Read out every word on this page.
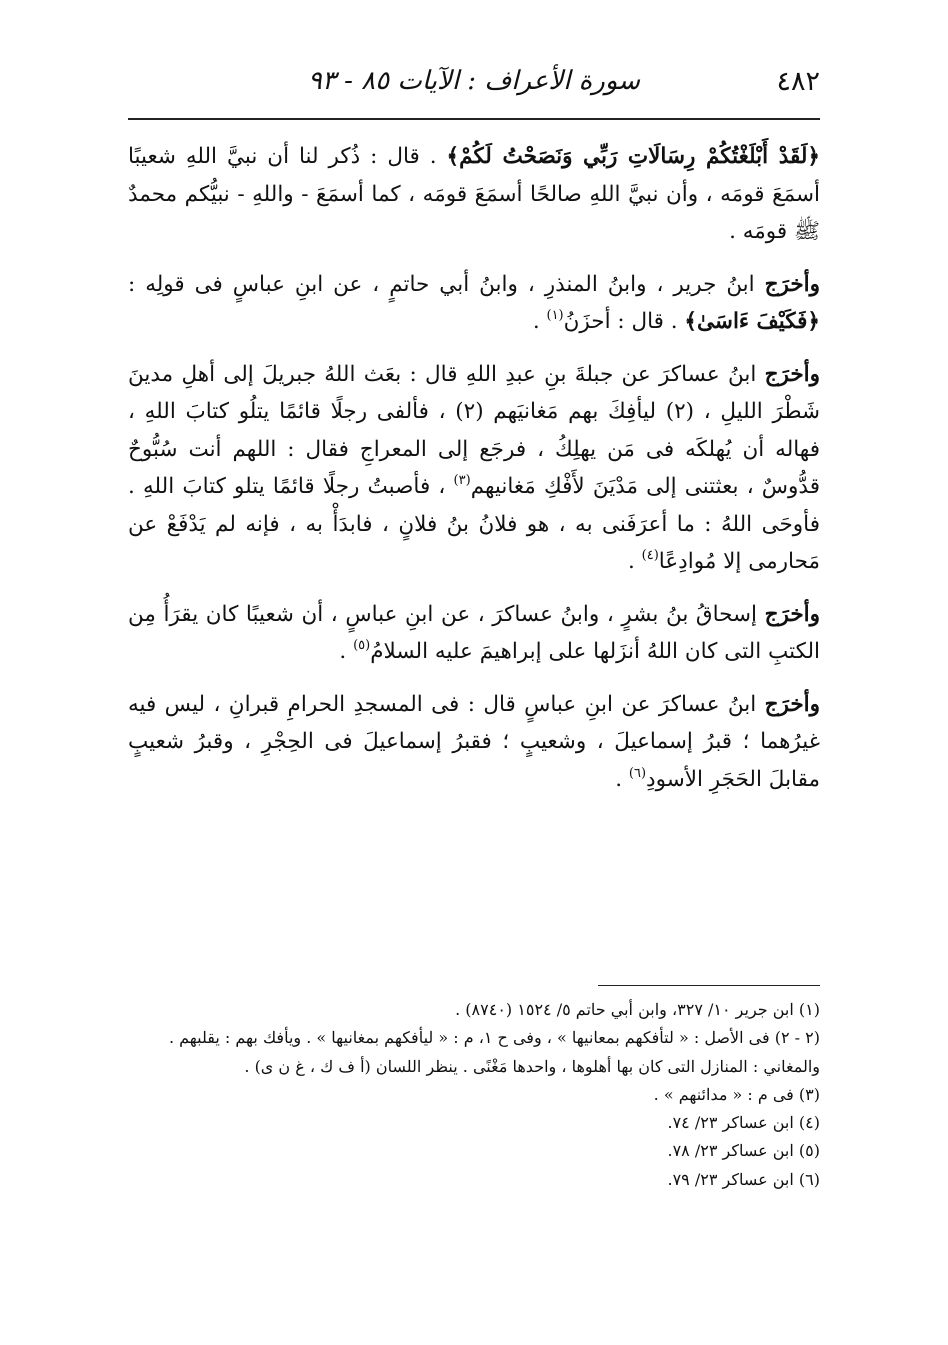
٤٨٢
سورة الأعراف : الآيات ٨٥ - ٩٣

﴿لَقَدْ أَبْلَغْتُكُمْ رِسَالَاتِ رَبِّي وَنَصَحْتُ لَكُمْ﴾ . قال : ذُكر لنا أن نبيَّ اللهِ شعيبًا أسمَعَ قومَه ، وأن نبيَّ اللهِ صالحًا أسمَعَ قومَه ، كما أسمَعَ - واللهِ - نبيُّكم محمدٌ ﷺ قومَه .

وأخرَج ابنُ جرير ، وابنُ المنذرِ ، وابنُ أبي حاتمٍ ، عن ابنِ عباسٍ فى قولِه : ﴿فَكَيْفَ ءَاسَىٰ﴾ . قال : أحزَنُ$^{(١)}$ .

وأخرَج ابنُ عساكرَ عن جبلةَ بنِ عبدِ اللهِ قال : بعَث اللهُ جبريلَ إلى أهلِ مدينَ شَطْرَ الليلِ ، (٢) ليأفِكَ بهم مَغانيَهم (٢) ، فألفى رجلًا قائمًا يتلُو كتابَ اللهِ ، فهاله أن يُهلكَه فى مَن يهلِكُ ، فرجَع إلى المعراجِ فقال : اللهم أنت سُبُّوحٌ قدُّوسٌ ، بعثتنى إلى مَدْيَنَ لأَفْكِ مَغانيهم$^{(٣)}$ ، فأصبتُ رجلًا قائمًا يتلو كتابَ اللهِ . فأوحَى اللهُ : ما أعرَفَنى به ، هو فلانُ بنُ فلانٍ ، فابدَأْ به ، فإنه لم يَدْفَعْ عن مَحارمى إلا مُوادِعًا$^{(٤)}$ .

وأخرَج إسحاقُ بنُ بشرٍ ، وابنُ عساكرَ ، عن ابنِ عباسٍ ، أن شعيبًا كان يقرَأُ مِن الكتبِ التى كان اللهُ أنزَلها على إبراهيمَ عليه السلامُ$^{(٥)}$ .

وأخرَج ابنُ عساكرَ عن ابنِ عباسٍ قال : فى المسجدِ الحرامِ قبرانِ ، ليس فيه غيرُهما ؛ قبرُ إسماعيلَ ، وشعيبٍ ؛ فقبرُ إسماعيلَ فى الحِجْرِ ، وقبرُ شعيبٍ مقابلَ الحَجَرِ الأسودِ$^{(٦)}$ .

(١) ابن جرير ١٠/ ٣٢٧، وابن أبي حاتم ٥/ ١٥٢٤ (٨٧٤٠) .

(٢ - ٢) فى الأصل : « لتأفكهم بمعانيها » ، وفى ح ١، م : « ليأفكهم بمغانيها » . ويأفك بهم : يقلبهم .

والمغاني : المنازل التى كان بها أهلوها ، واحدها مَغْنًى . ينظر اللسان (أ ف ك ، غ ن ى) .

(٣) فى م : « مدائنهم » .

(٤) ابن عساكر ٢٣/ ٧٤.

(٥) ابن عساكر ٢٣/ ٧٨.

(٦) ابن عساكر ٢٣/ ٧٩.
